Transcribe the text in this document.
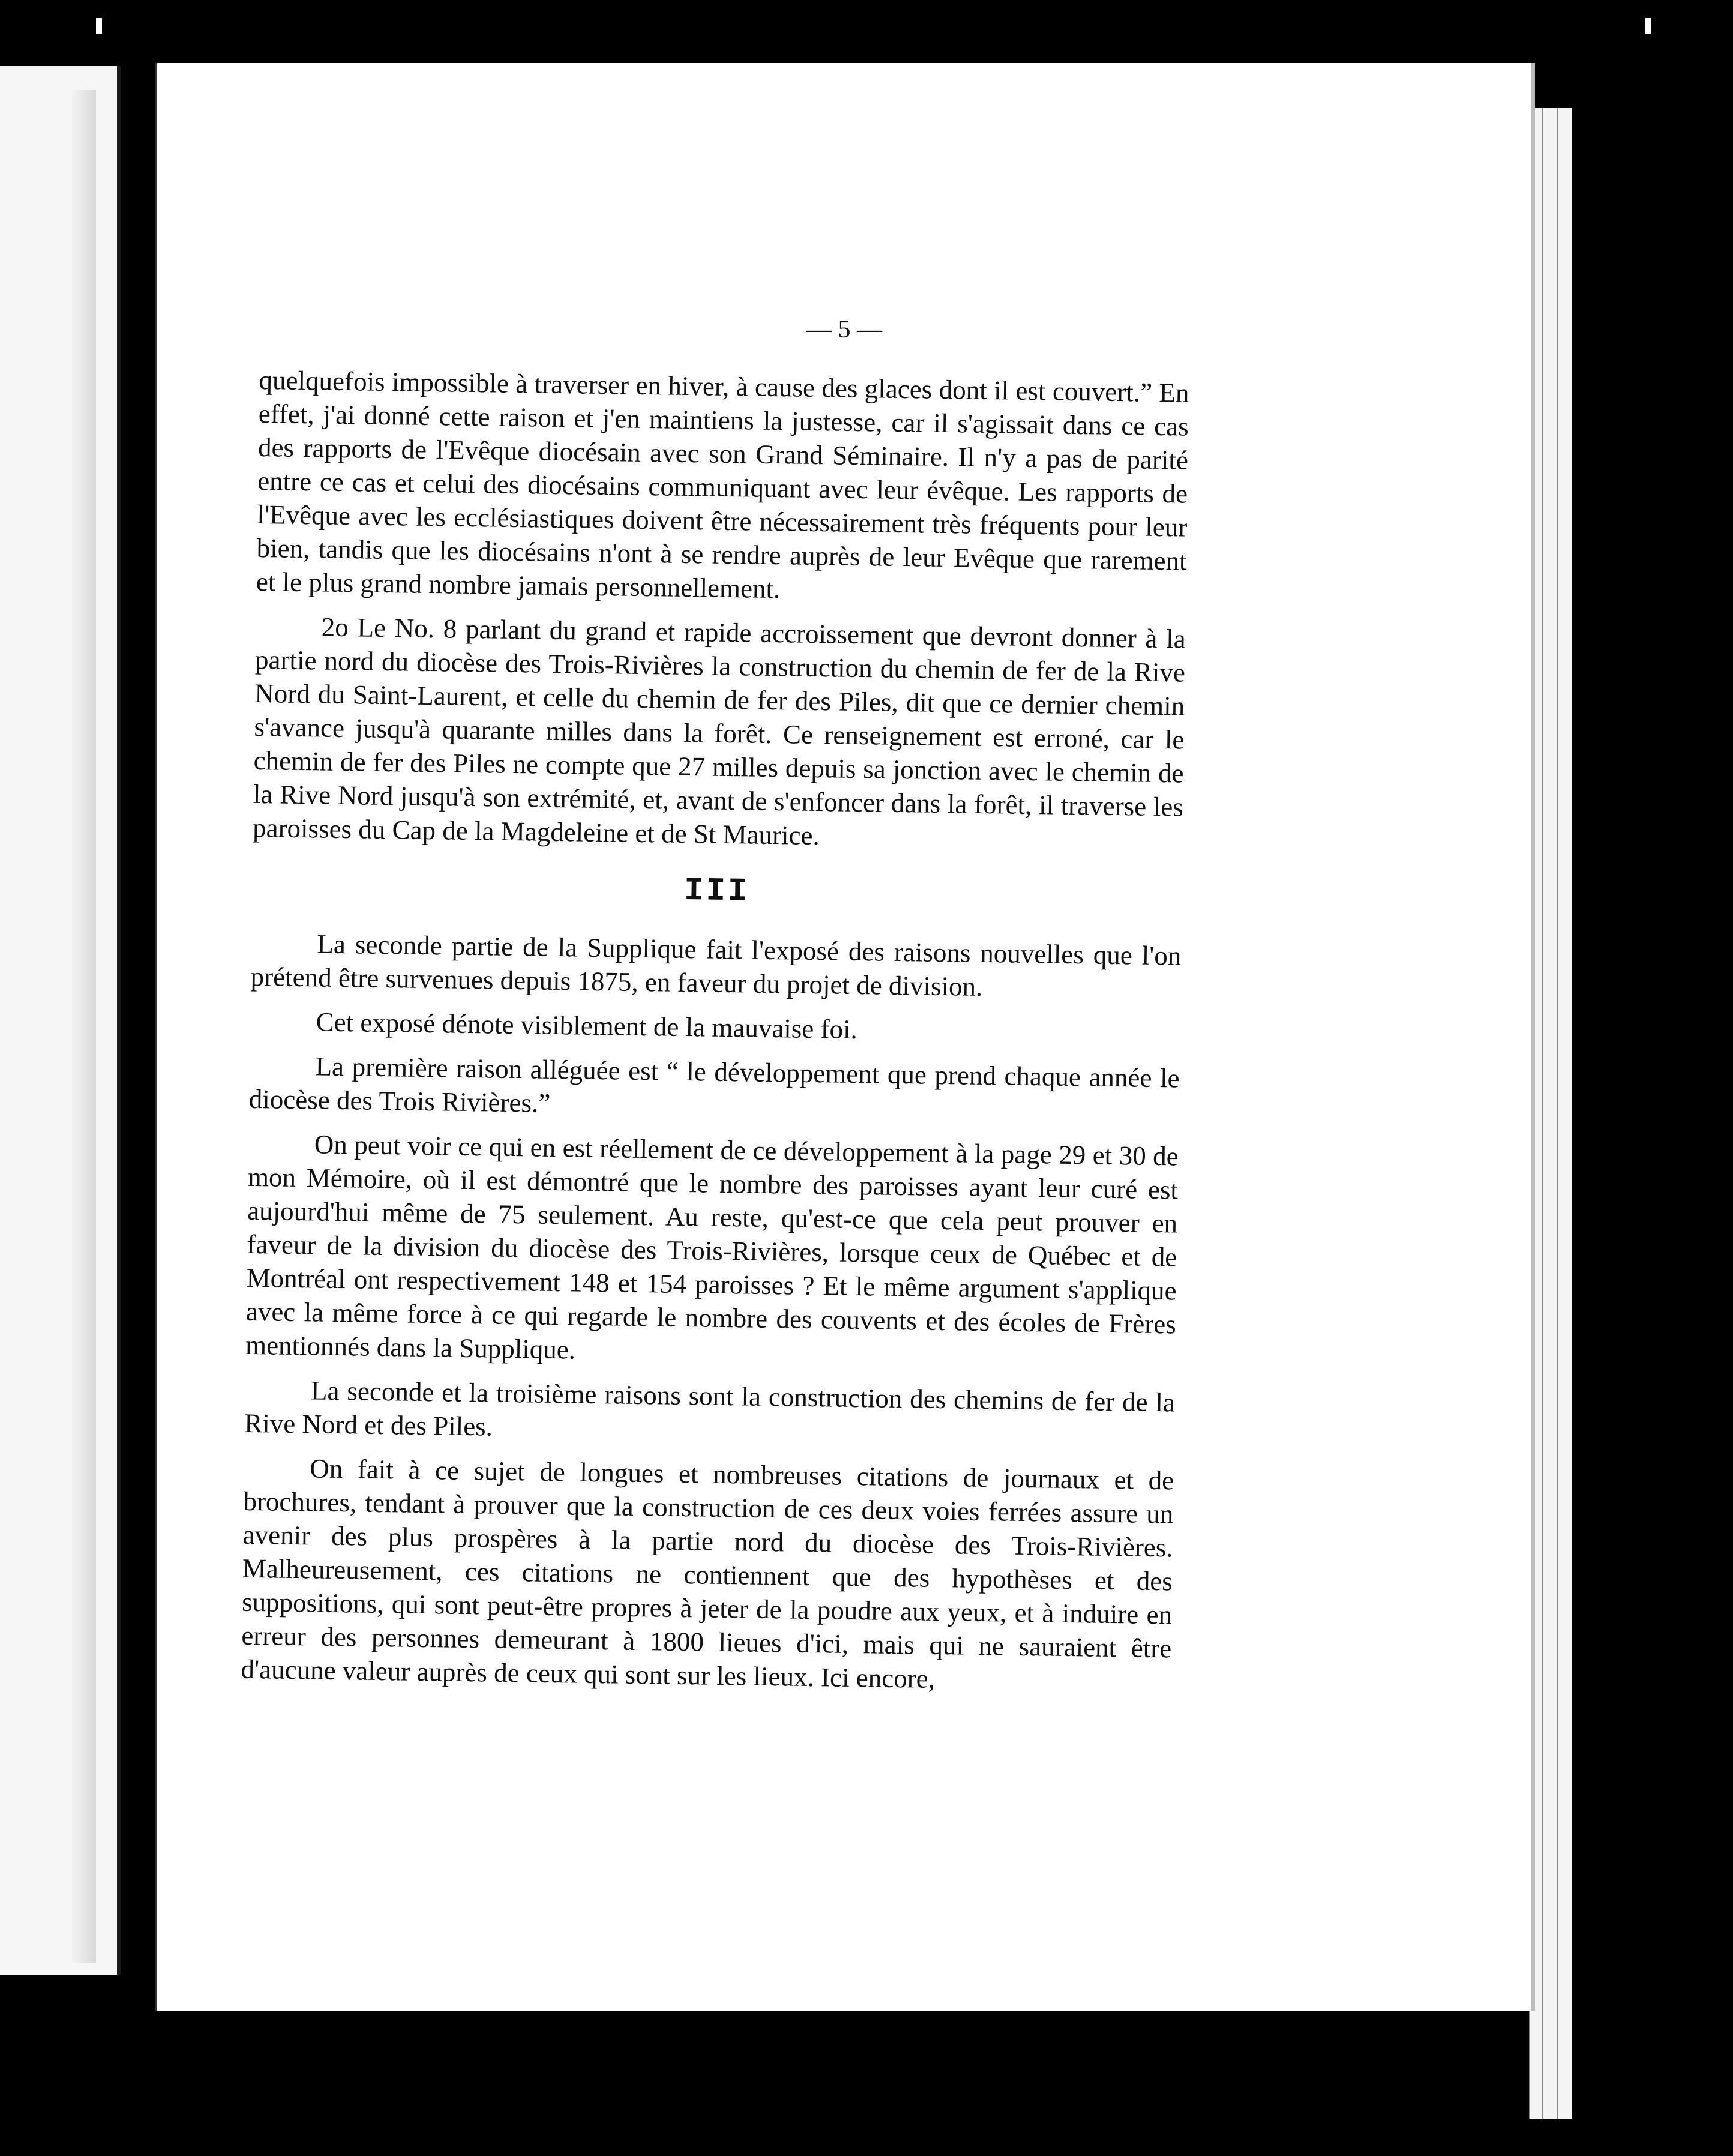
— 5 —

quelquefois impossible à traverser en hiver, à cause des glaces dont il est couvert.” En effet, j'ai donné cette raison et j'en maintiens la justesse, car il s'agissait dans ce cas des rapports de l'Evêque diocésain avec son Grand Séminaire. Il n'y a pas de parité entre ce cas et celui des diocésains communiquant avec leur évêque. Les rapports de l'Evêque avec les ecclésiastiques doivent être nécessairement très fréquents pour leur bien, tandis que les diocésains n'ont à se rendre auprès de leur Evêque que rarement et le plus grand nombre jamais personnellement.

2o Le No. 8 parlant du grand et rapide accroissement que devront donner à la partie nord du diocèse des Trois-Rivières la construction du chemin de fer de la Rive Nord du Saint-Laurent, et celle du chemin de fer des Piles, dit que ce dernier chemin s'avance jusqu'à quarante milles dans la forêt. Ce renseignement est erroné, car le chemin de fer des Piles ne compte que 27 milles depuis sa jonction avec le chemin de la Rive Nord jusqu'à son extrémité, et, avant de s'enfoncer dans la forêt, il traverse les paroisses du Cap de la Magdeleine et de St Maurice.

III

La seconde partie de la Supplique fait l'exposé des raisons nouvelles que l'on prétend être survenues depuis 1875, en faveur du projet de division.

Cet exposé dénote visiblement de la mauvaise foi.

La première raison alléguée est “ le développement que prend chaque année le diocèse des Trois Rivières.”

On peut voir ce qui en est réellement de ce développement à la page 29 et 30 de mon Mémoire, où il est démontré que le nombre des paroisses ayant leur curé est aujourd'hui même de 75 seulement. Au reste, qu'est-ce que cela peut prouver en faveur de la division du diocèse des Trois-Rivières, lorsque ceux de Québec et de Montréal ont respectivement 148 et 154 paroisses ? Et le même argument s'applique avec la même force à ce qui regarde le nombre des couvents et des écoles de Frères mentionnés dans la Supplique.

La seconde et la troisième raisons sont la construction des chemins de fer de la Rive Nord et des Piles.

On fait à ce sujet de longues et nombreuses citations de journaux et de brochures, tendant à prouver que la construction de ces deux voies ferrées assure un avenir des plus prospères à la partie nord du diocèse des Trois-Rivières. Malheureusement, ces citations ne contiennent que des hypothèses et des suppositions, qui sont peut-être propres à jeter de la poudre aux yeux, et à induire en erreur des personnes demeurant à 1800 lieues d'ici, mais qui ne sauraient être d'aucune valeur auprès de ceux qui sont sur les lieux. Ici encore,
